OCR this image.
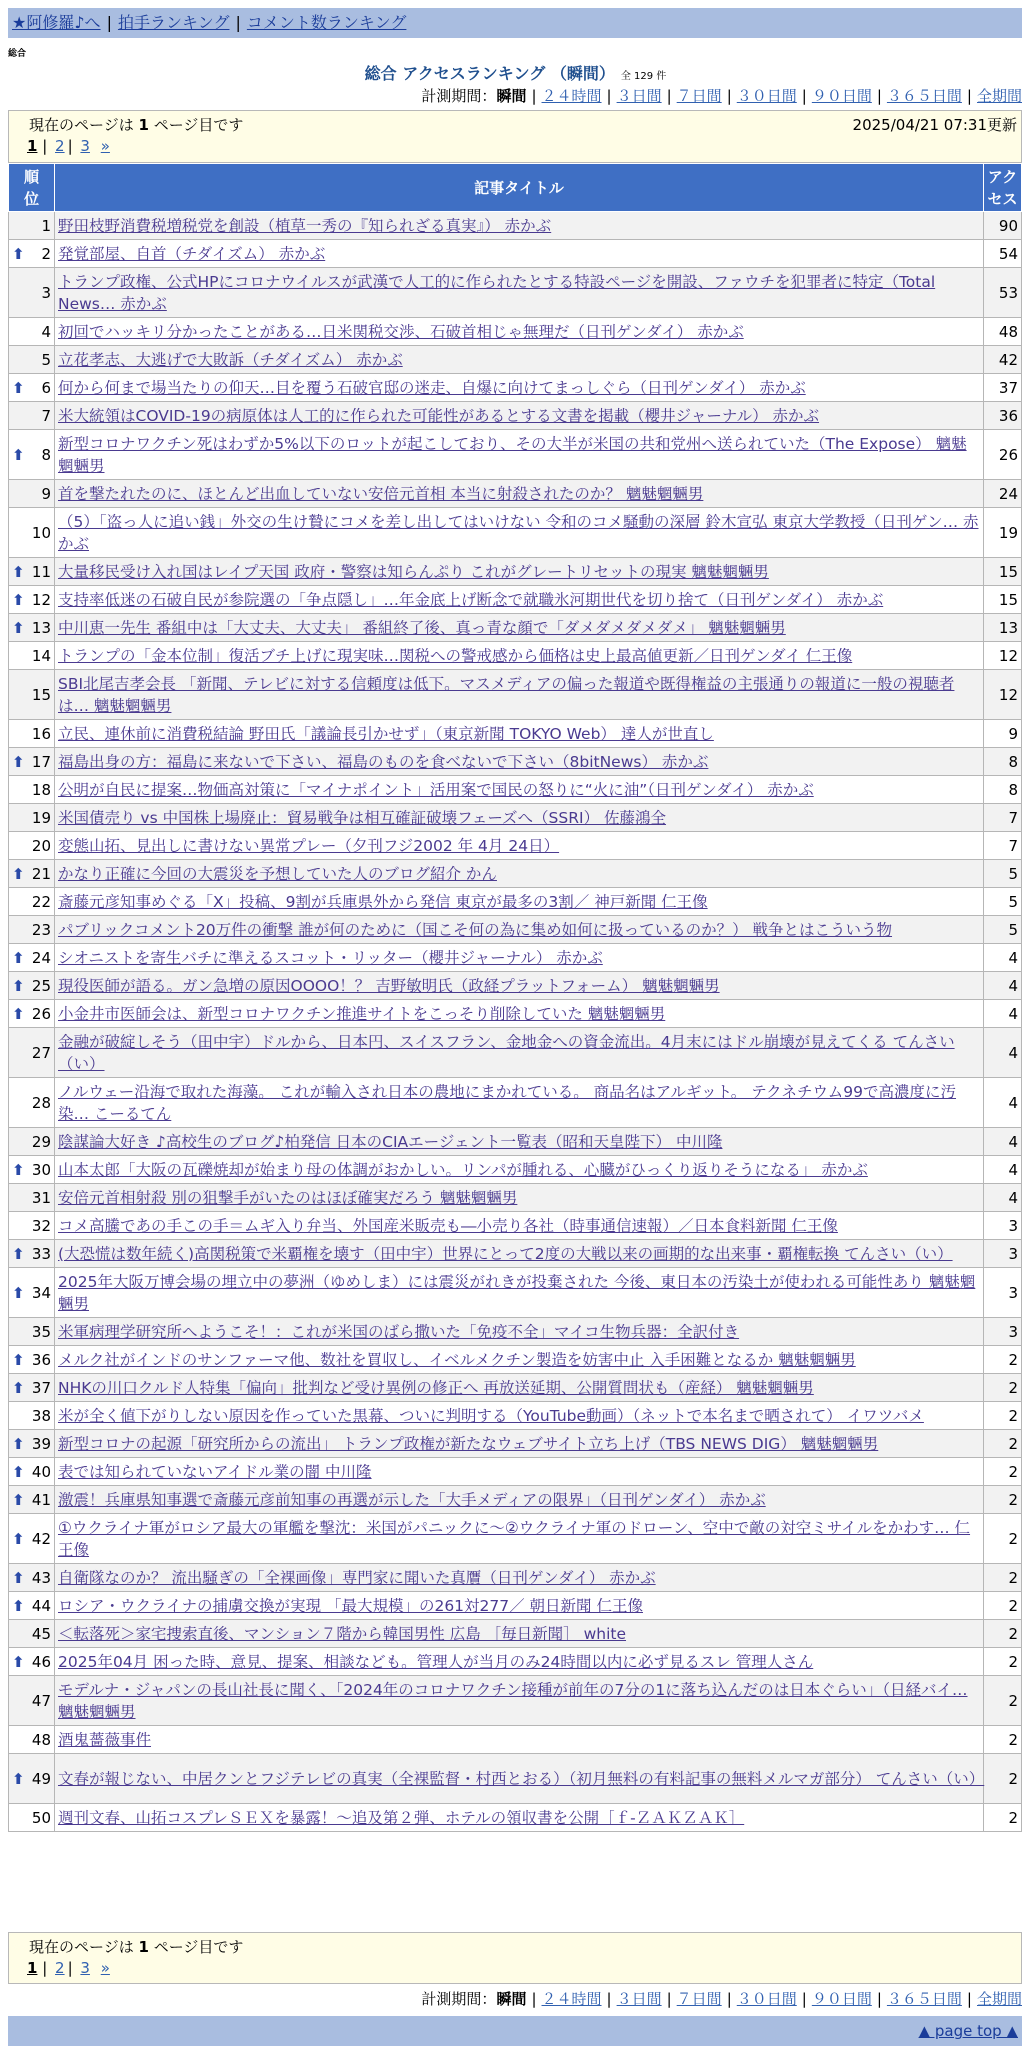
★阿修羅♪へ | 拍手ランキング | コメント数ランキング
総合
総合 アクセスランキング （瞬間） 全 129 件
計測期間：瞬間 | ２４時間 | ３日間 | ７日間 | ３０日間 | ９０日間 | ３６５日間 | 全期間
現在のページは 1 ページ目です	2025/04/21 07:31更新
1 | 2 | 3 »
順位	記事タイトル	アクセス
1	野田枝野消費税増税党を創設（植草一秀の『知られざる真実』） 赤かぶ	90

⬆ 2	発覚部屋、自首（チダイズム） 赤かぶ	54
3	トランプ政権、公式HPにコロナウイルスが武漢で人工的に作られたとする特設ページを開設、ファウチを犯罪者に特定（Total News… 赤かぶ	53
4	初回でハッキリ分かったことがある…日米関税交渉、石破首相じゃ無理だ（日刊ゲンダイ） 赤かぶ	48
5	立花孝志、大逃げで大敗訴（チダイズム） 赤かぶ	42

⬆ 6	何から何まで場当たりの仰天…目を覆う石破官邸の迷走、自爆に向けてまっしぐら（日刊ゲンダイ） 赤かぶ	37
7	米大統領はCOVID-19の病原体は人工的に作られた可能性があるとする文書を掲載（櫻井ジャーナル） 赤かぶ	36

⬆ 8	新型コロナワクチン死はわずか5%以下のロットが起こしており、その大半が米国の共和党州へ送られていた（The Expose） 魑魅魍魎男	26
9	首を撃たれたのに、ほとんど出血していない安倍元首相 本当に射殺されたのか？ 魑魅魍魎男	24
10	（5）「盗っ人に追い銭」外交の生け贄にコメを差し出してはいけない 令和のコメ騒動の深層 鈴木宣弘 東京大学教授（日刊ゲン… 赤かぶ	19

⬆ 11	大量移民受け入れ国はレイプ天国 政府・警察は知らんぷり これがグレートリセットの現実 魑魅魍魎男	15

⬆ 12	支持率低迷の石破自民が参院選の「争点隠し」…年金底上げ断念で就職氷河期世代を切り捨て（日刊ゲンダイ） 赤かぶ	15

⬆ 13	中川恵一先生 番組中は「大丈夫、大丈夫」 番組終了後、真っ青な顔で「ダメダメダメダメ」 魑魅魍魎男	13
14	トランプの「金本位制」復活ブチ上げに現実味…関税への警戒感から価格は史上最高値更新／日刊ゲンダイ 仁王像	12
15	SBI北尾吉孝会長 「新聞、テレビに対する信頼度は低下。マスメディアの偏った報道や既得権益の主張通りの報道に一般の視聴者は… 魑魅魍魎男	12
16	立民、連休前に消費税結論 野田氏「議論長引かせず」（東京新聞 TOKYO Web） 達人が世直し	9

⬆ 17	福島出身の方：福島に来ないで下さい、福島のものを食べないで下さい（8bitNews） 赤かぶ	8
18	公明が自民に提案…物価高対策に「マイナポイント」活用案で国民の怒りに“火に油”（日刊ゲンダイ） 赤かぶ	8
19	米国債売り vs 中国株上場廃止：貿易戦争は相互確証破壊フェーズへ（SSRI） 佐藤鴻全	7
20	変態山拓、見出しに書けない異常プレー（夕刊フジ2002 年 4月 24日）	7

⬆ 21	かなり正確に今回の大震災を予想していた人のブログ紹介 かん	5
22	斎藤元彦知事めぐる「X」投稿、9割が兵庫県外から発信 東京が最多の3割／ 神戸新聞 仁王像	5
23	パブリックコメント20万件の衝撃 誰が何のために（国こそ何の為に集め如何に扱っているのか？） 戦争とはこういう物	5

⬆ 24	シオニストを寄生バチに準えるスコット・リッター（櫻井ジャーナル） 赤かぶ	4

⬆ 25	現役医師が語る。ガン急増の原因OOOO！？ 吉野敏明氏（政経プラットフォーム） 魑魅魍魎男	4

⬆ 26	小金井市医師会は、新型コロナワクチン推進サイトをこっそり削除していた 魑魅魍魎男	4
27	金融が破綻しそう（田中宇）ドルから、日本円、スイスフラン、金地金への資金流出。4月末にはドル崩壊が見えてくる てんさい（い）	4
28	ノルウェー沿海で取れた海藻。 これが輸入され日本の農地にまかれている。 商品名はアルギット。 テクネチウム99で高濃度に汚染… こーるてん	4
29	陰謀論大好き ♪高校生のブログ♪柏発信 日本のCIAエージェント一覧表（昭和天皇陛下） 中川隆	4

⬆ 30	山本太郎「大阪の瓦礫焼却が始まり母の体調がおかしい。リンパが腫れる、心臓がひっくり返りそうになる」 赤かぶ	4
31	安倍元首相射殺 別の狙撃手がいたのはほぼ確実だろう 魑魅魍魎男	4
32	コメ高騰であの手この手＝ムギ入り弁当、外国産米販売も―小売り各社（時事通信速報）／日本食料新聞 仁王像	3

⬆ 33	(大恐慌は数年続く)高関税策で米覇権を壊す（田中宇）世界にとって2度の大戦以来の画期的な出来事・覇権転換 てんさい（い）	3

⬆ 34	2025年大阪万博会場の埋立中の夢洲（ゆめしま）には震災がれきが投棄された 今後、東日本の汚染土が使われる可能性あり 魑魅魍魎男	3
35	米軍病理学研究所へようこそ！：これが米国のばら撒いた「免疫不全」マイコ生物兵器：全訳付き	3

⬆ 36	メルク社がインドのサンファーマ他、数社を買収し、イベルメクチン製造を妨害中止 入手困難となるか 魑魅魍魎男	2

⬆ 37	NHKの川口クルド人特集「偏向」批判など受け異例の修正へ 再放送延期、公開質問状も（産経） 魑魅魍魎男	2
38	米が全く値下がりしない原因を作っていた黒幕、ついに判明する（YouTube動画）（ネットで本名まで晒されて） イワツバメ	2

⬆ 39	新型コロナの起源「研究所からの流出」 トランプ政権が新たなウェブサイト立ち上げ（TBS NEWS DIG） 魑魅魍魎男	2

⬆ 40	表では知られていないアイドル業の闇 中川隆	2

⬆ 41	激震！兵庫県知事選で斎藤元彦前知事の再選が示した「大手メディアの限界」（日刊ゲンダイ） 赤かぶ	2

⬆ 42	①ウクライナ軍がロシア最大の軍艦を撃沈：米国がパニックに～②ウクライナ軍のドローン、空中で敵の対空ミサイルをかわす… 仁王像	2

⬆ 43	自衛隊なのか？ 流出騒ぎの「全裸画像」専門家に聞いた真贋（日刊ゲンダイ） 赤かぶ	2

⬆ 44	ロシア・ウクライナの捕虜交換が実現 「最大規模」の261対277／ 朝日新聞 仁王像	2
45	＜転落死＞家宅捜索直後、マンション７階から韓国男性 広島 ［毎日新聞］ white	2

⬆ 46	2025年04月 困った時、意見、提案、相談なども。管理人が当月のみ24時間以内に必ず見るスレ 管理人さん	2
47	モデルナ・ジャパンの長山社長に聞く、「2024年のコロナワクチン接種が前年の7分の1に落ち込んだのは日本ぐらい」（日経バイ… 魑魅魍魎男	2
48	酒鬼薔薇事件	2

⬆ 49	文春が報じない、中居クンとフジテレビの真実（全裸監督・村西とおる）（初月無料の有料記事の無料メルマガ部分） てんさい（い）	2
50	週刊文春、山拓コスプレＳＥＸを暴露！～追及第２弾、ホテルの領収書を公開［ｆ-ＺＡＫＺＡＫ］	2
現在のページは 1 ページ目です
1 | 2 | 3 »
計測期間：瞬間 | ２４時間 | ３日間 | ７日間 | ３０日間 | ９０日間 | ３６５日間 | 全期間
▲ page top ▲
